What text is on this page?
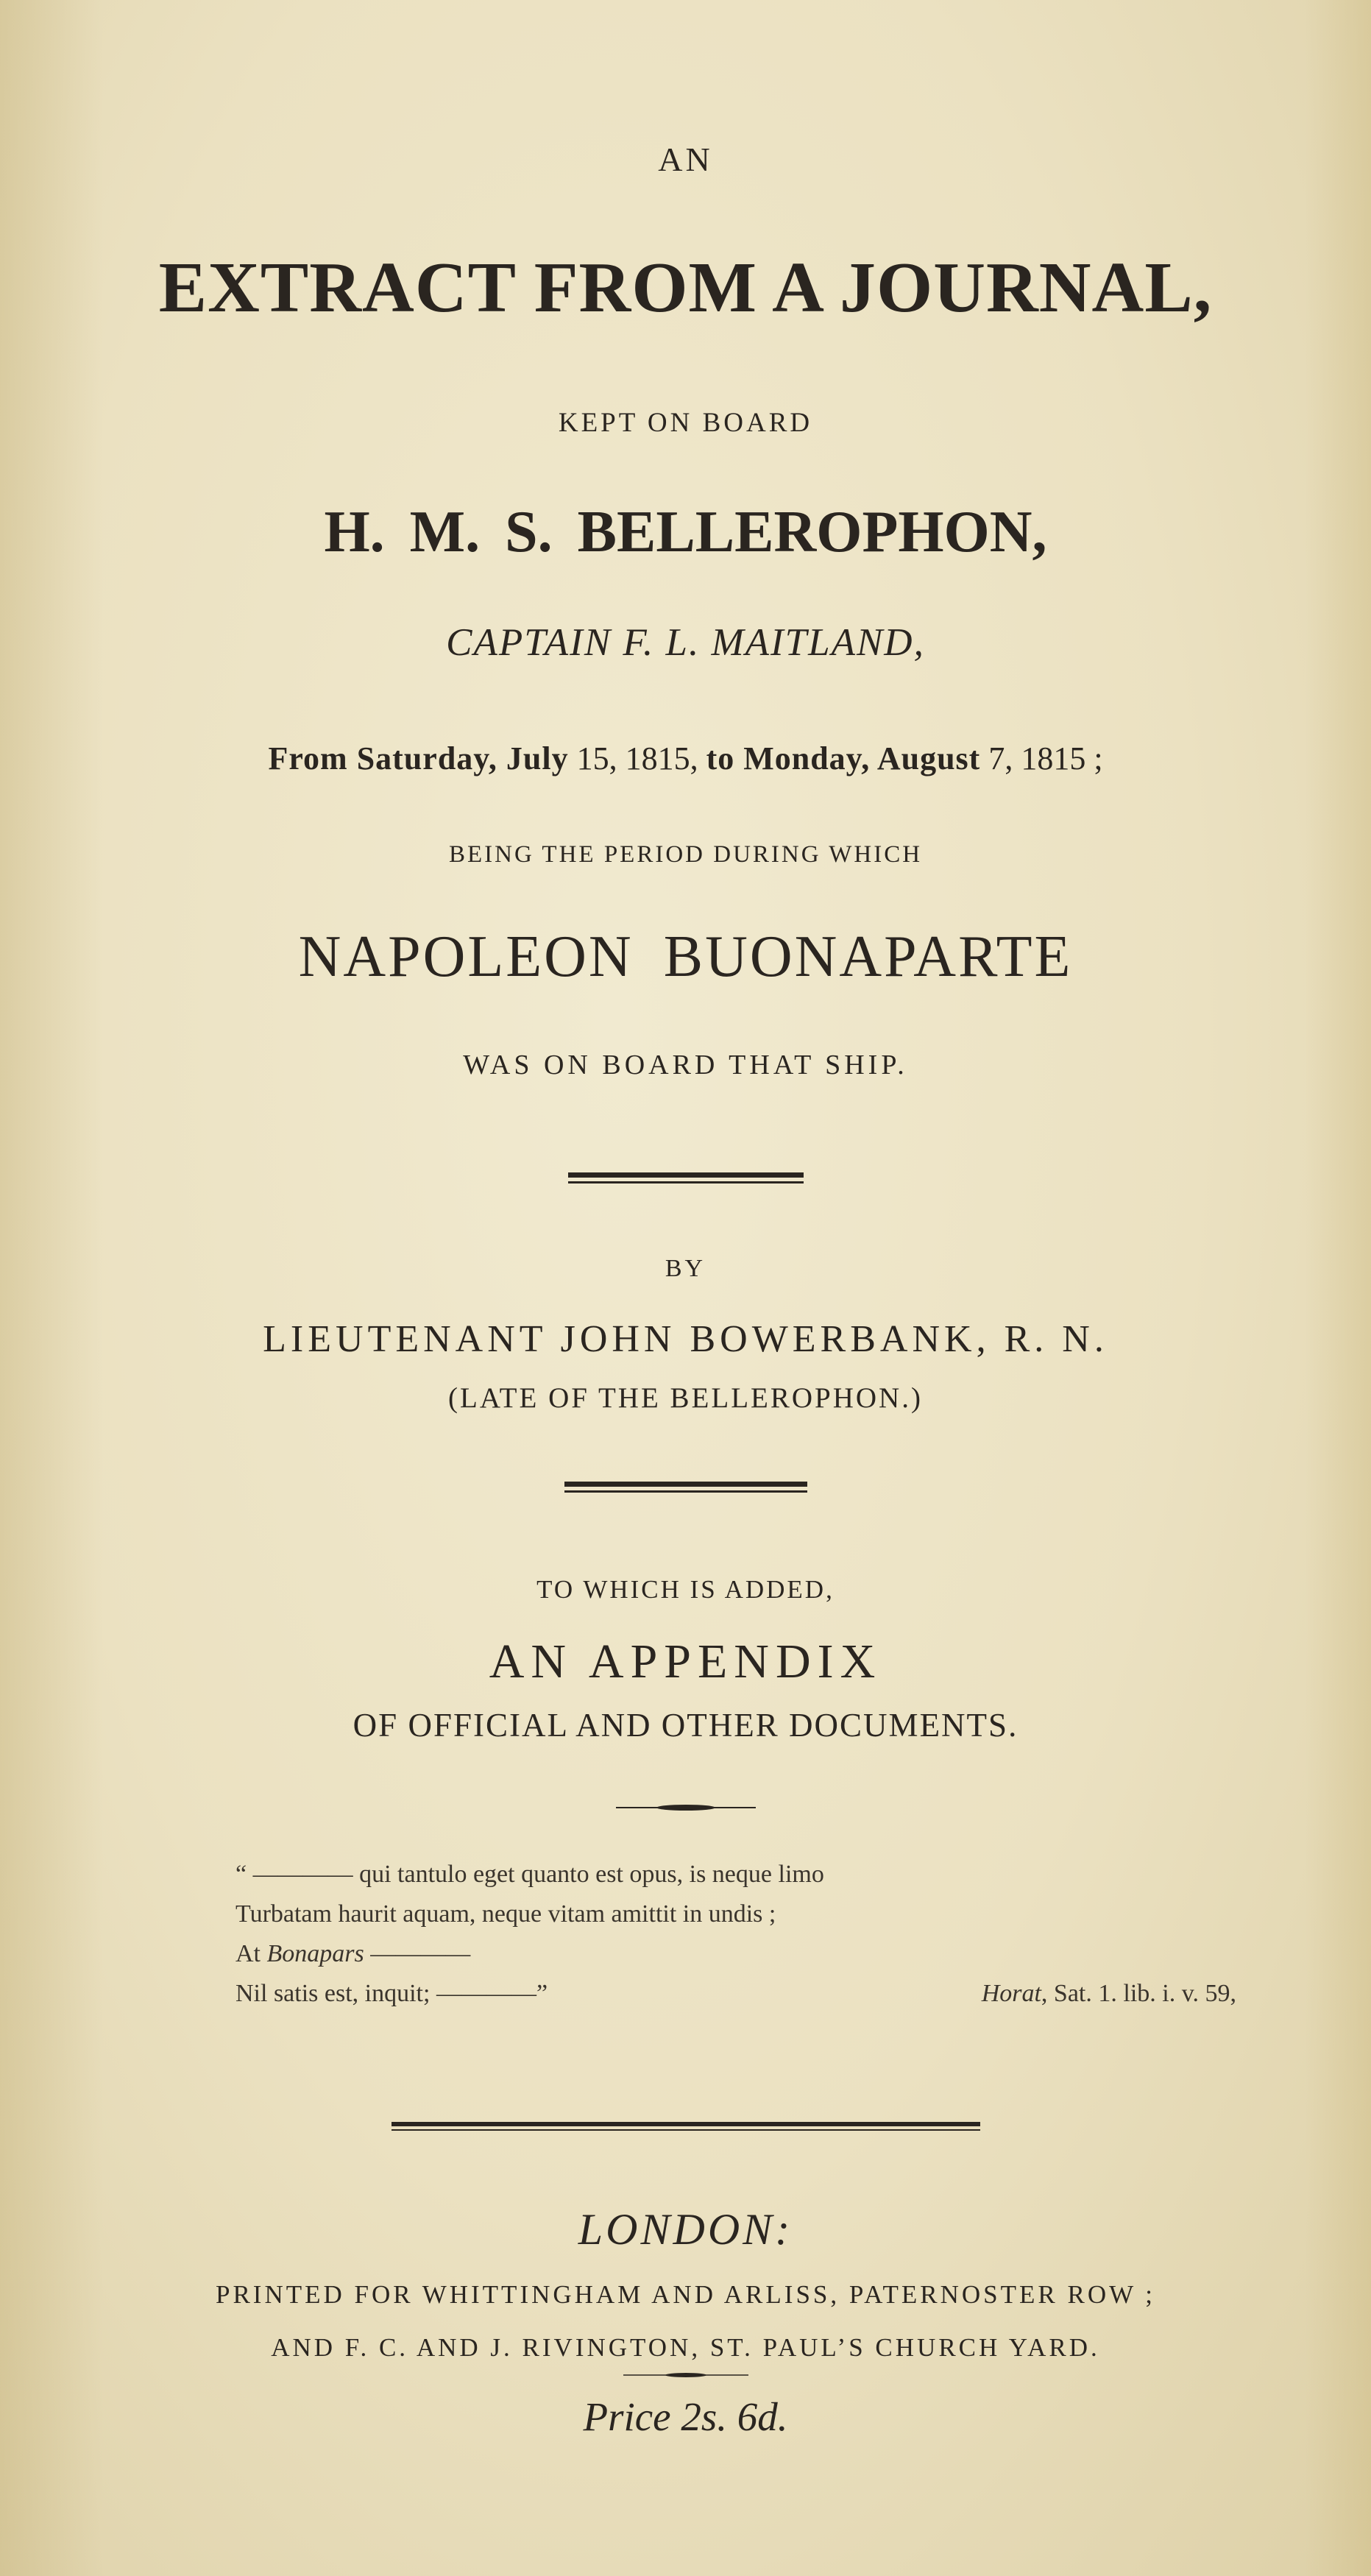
AN
EXTRACT FROM A JOURNAL,
KEPT ON BOARD
H. M. S. BELLEROPHON,
CAPTAIN F. L. MAITLAND,
From Saturday, July 15, 1815, to Monday, August 7, 1815 ;
BEING THE PERIOD DURING WHICH
NAPOLEON BUONAPARTE
WAS ON BOARD THAT SHIP.
BY
LIEUTENANT JOHN BOWERBANK, R. N.
(LATE OF THE BELLEROPHON.)
TO WHICH IS ADDED,
AN APPENDIX
OF OFFICIAL AND OTHER DOCUMENTS.
“ ———— qui tantulo eget quanto est opus, is neque limo
Turbatam haurit aquam, neque vitam amittit in undis ;
At Bonapars ————
Nil satis est, inquit; ————”	Horat, Sat. 1. lib. i. v. 59,
LONDON:
PRINTED FOR WHITTINGHAM AND ARLISS, PATERNOSTER ROW ;
AND F. C. AND J. RIVINGTON, ST. PAUL’S CHURCH YARD.
Price 2s. 6d.
